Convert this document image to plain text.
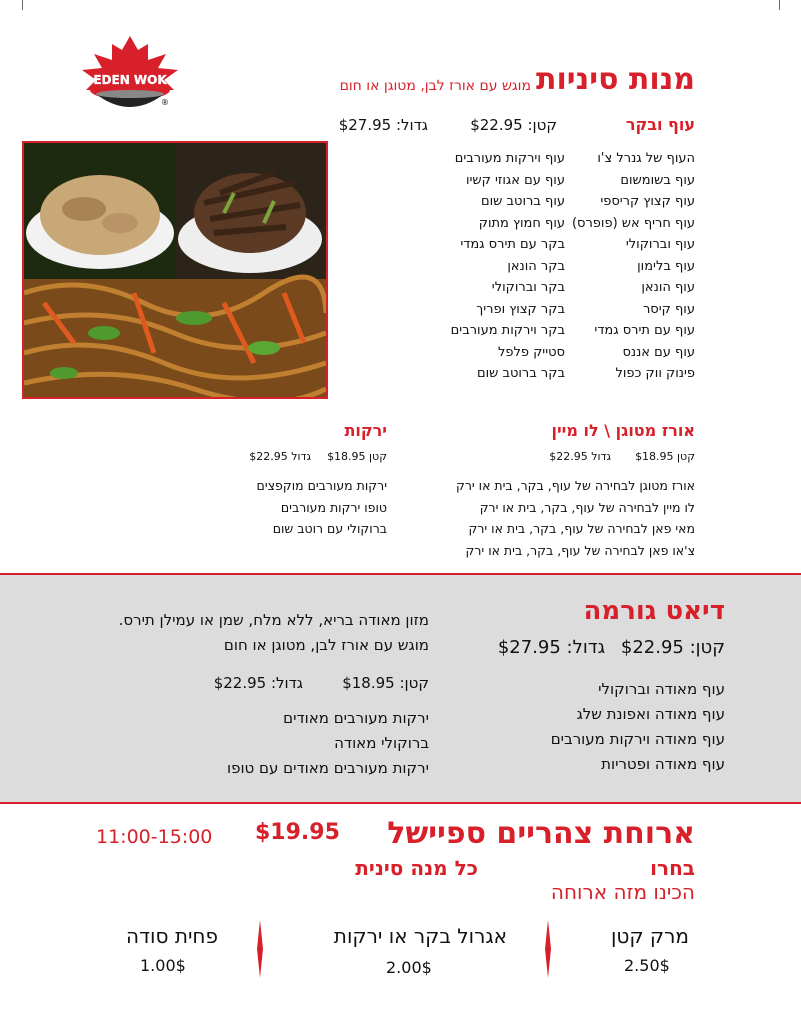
EDEN WOK
®
מנות סיניות
מוגש עם אורז לבן, מטוגן או חום
עוף ובקר
קטן: $22.95
גדול: $27.95
העוף של גנרל צ'ו
עוף בשומשום
עוף קצוץ קריספי
עוף חריף אש (פופרס)
עוף וברוקולי
עוף בלימון
עוף הונאן
עוף קיסר
עוף עם תירס גמדי
עוף עם אננס
פינוק ווק כפול
עוף וירקות מעורבים
עוף עם אגוזי קשיו
עוף ברוטב שום
עוף חמוץ מתוק
בקר עם תירס גמדי
בקר הונאן
בקר וברוקולי
בקר קצוץ ופריך
בקר וירקות מעורבים
סטייק פלפל
בקר ברוטב שום
אורז מטוגן \ לו מיין
קטן $18.95
גדול $22.95
אורז מטוגן לבחירה של עוף, בקר, בית או ירק
לו מיין לבחירה של עוף, בקר, בית או ירק
מאי פאן לבחירה של עוף, בקר, בית או ירק
צ'או פאן לבחירה של עוף, בקר, בית או ירק
ירקות
קטן $18.95
גדול $22.95
ירקות מעורבים מוקפצים
טופו ירקות מעורבים
ברוקולי עם רוטב שום
דיאט גורמה
קטן: $22.95
גדול: $27.95
עוף מאודה וברוקולי
עוף מאודה ואפונת שלג
עוף מאודה וירקות מעורבים
עוף מאודה ופטריות
מזון מאודה בריא, ללא מלח, שמן או עמילן תירס.
מוגש עם אורז לבן, מטוגן או חום
קטן: $18.95
גדול: $22.95
ירקות מעורבים מאודים
ברוקולי מאודה
ירקות מעורבים מאודים עם טופו
ארוחת צהריים ספיישל
$19.95
11:00-15:00
בחרו
כל מנה סינית
הכינו מזה ארוחה
מרק קטן
2.50$
אגרול בקר או ירקות
2.00$
פחית סודה
1.00$
